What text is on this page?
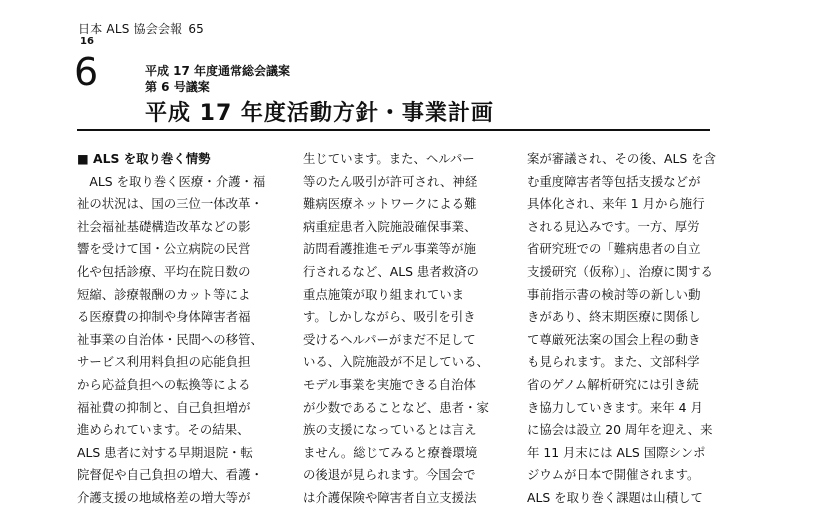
日本 ALS 協会会報 65
16
6	平成 17 年度通常総会議案
第 6 号議案
平成 17 年度活動方針・事業計画
■ ALS を取り巻く情勢
　ALS を取り巻く医療・介護・福
祉の状況は、国の三位一体改革・
社会福祉基礎構造改革などの影
響を受けて国・公立病院の民営
化や包括診療、平均在院日数の
短縮、診療報酬のカット等によ
る医療費の抑制や身体障害者福
祉事業の自治体・民間への移管、
サービス利用料負担の応能負担
から応益負担への転換等による
福祉費の抑制と、自己負担増が
進められています。その結果、
ALS 患者に対する早期退院・転
院督促や自己負担の増大、看護・
介護支援の地域格差の増大等が
生じています。また、ヘルパー
等のたん吸引が許可され、神経
難病医療ネットワークによる難
病重症患者入院施設確保事業、
訪問看護推進モデル事業等が施
行されるなど、ALS 患者救済の
重点施策が取り組まれていま
す。しかしながら、吸引を引き
受けるヘルパーがまだ不足して
いる、入院施設が不足している、
モデル事業を実施できる自治体
が少数であることなど、患者・家
族の支援になっているとは言え
ません。総じてみると療養環境
の後退が見られます。今国会で
は介護保険や障害者自立支援法
案が審議され、その後、ALS を含
む重度障害者等包括支援などが
具体化され、来年 1 月から施行
される見込みです。一方、厚労
省研究班での「難病患者の自立
支援研究（仮称）」、治療に関する
事前指示書の検討等の新しい動
きがあり、終末期医療に関係し
て尊厳死法案の国会上程の動き
も見られます。また、文部科学
省のゲノム解析研究には引き続
き協力していきます。来年 4 月
に協会は設立 20 周年を迎え、来
年 11 月末には ALS 国際シンポ
ジウムが日本で開催されます。
ALS を取り巻く課題は山積して
